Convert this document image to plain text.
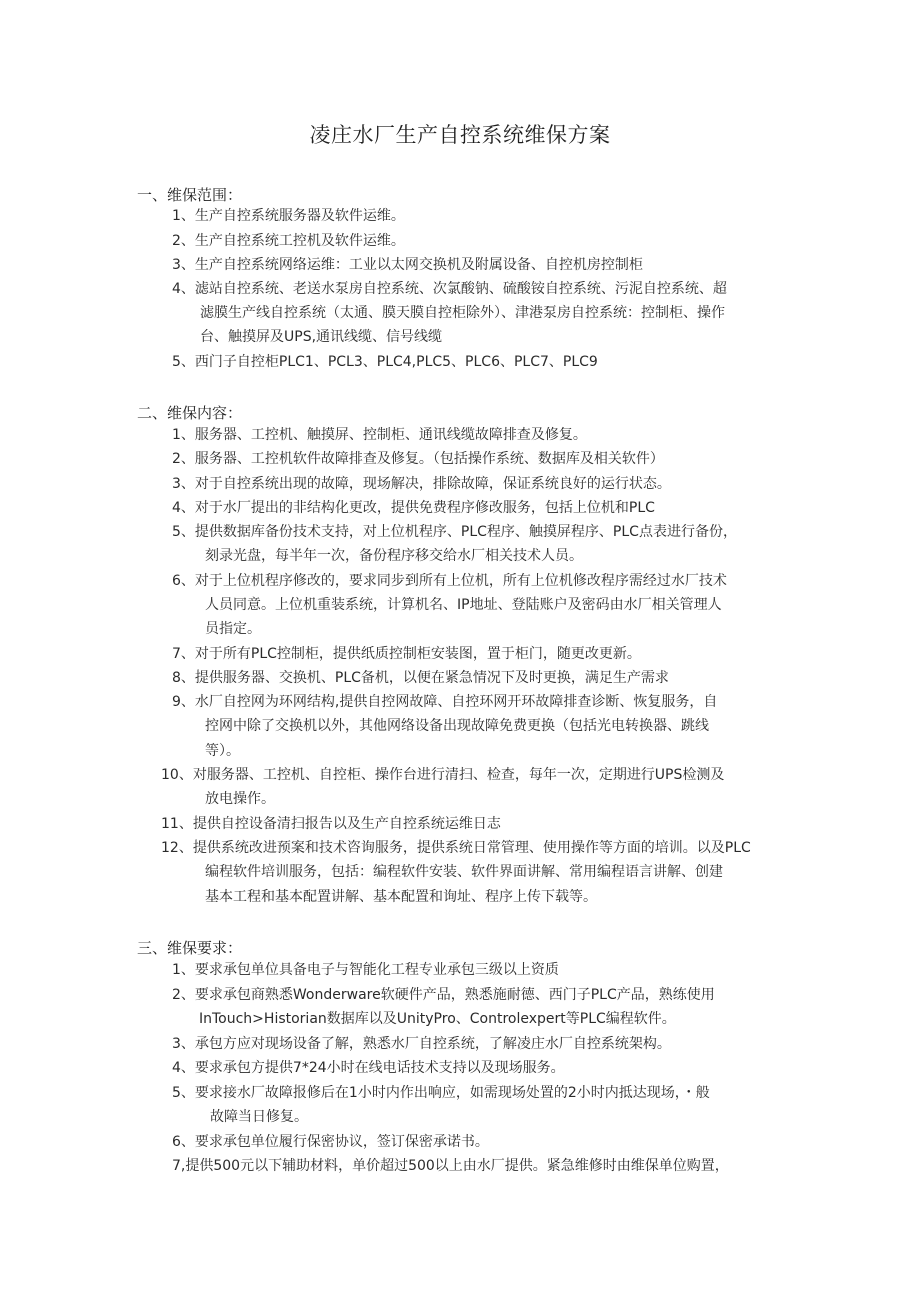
凌庄水厂生产自控系统维保方案
一、维保范围：
1、生产自控系统服务器及软件运维。
2、生产自控系统工控机及软件运维。
3、生产自控系统网络运维：工业以太网交换机及附属设备、自控机房控制柜
4、滤站自控系统、老送水泵房自控系统、次氯酸钠、硫酸铵自控系统、污泥自控系统、超
滤膜生产线自控系统（太通、膜天膜自控柜除外）、津港泵房自控系统：控制柜、操作
台、触摸屏及UPS,通讯线缆、信号线缆
5、西门子自控柜PLC1、PCL3、PLC4,PLC5、PLC6、PLC7、PLC9
二、维保内容：
1、服务器、工控机、触摸屏、控制柜、通讯线缆故障排查及修复。
2、服务器、工控机软件故障排查及修复。（包括操作系统、数据库及相关软件）
3、对于自控系统出现的故障，现场解决，排除故障，保证系统良好的运行状态。
4、对于水厂提出的非结构化更改，提供免费程序修改服务，包括上位机和PLC
5、提供数据库备份技术支持，对上位机程序、PLC程序、触摸屏程序、PLC点表进行备份，
刻录光盘，每半年一次，备份程序移交给水厂相关技术人员。
6、对于上位机程序修改的，要求同步到所有上位机，所有上位机修改程序需经过水厂技术
人员同意。上位机重装系统，计算机名、IP地址、登陆账户及密码由水厂相关管理人
员指定。
7、对于所有PLC控制柜，提供纸质控制柜安装图，置于柜门，随更改更新。
8、提供服务器、交换机、PLC备机，以便在紧急情况下及时更换，满足生产需求
9、水厂自控网为环网结构,提供自控网故障、自控环网开环故障排查诊断、恢复服务，自
控网中除了交换机以外，其他网络设备出现故障免费更换（包括光电转换器、跳线
等）。
10、对服务器、工控机、自控柜、操作台进行清扫、检查，每年一次，定期进行UPS检测及
放电操作。
11、提供自控设备清扫报告以及生产自控系统运维日志
12、提供系统改进预案和技术咨询服务，提供系统日常管理、使用操作等方面的培训。以及PLC
编程软件培训服务，包括：编程软件安装、软件界面讲解、常用编程语言讲解、创建
基本工程和基本配置讲解、基本配置和询址、程序上传下载等。
三、维保要求：
1、要求承包单位具备电子与智能化工程专业承包三级以上资质
2、要求承包商熟悉Wonderware软硬件产品，熟悉施耐德、西门子PLC产品，熟练使用
InTouch>Historian数据库以及UnityPro、Controlexpert等PLC编程软件。
3、承包方应对现场设备了解，熟悉水厂自控系统，了解凌庄水厂自控系统架构。
4、要求承包方提供7*24小时在线电话技术支持以及现场服务。
5、要求接水厂故障报修后在1小时内作出响应，如需现场处置的2小时内抵达现场，・般
故障当日修复。
6、要求承包单位履行保密协议，签订保密承诺书。
7,提供500元以下辅助材料，单价超过500以上由水厂提供。紧急维修时由维保单位购置，
